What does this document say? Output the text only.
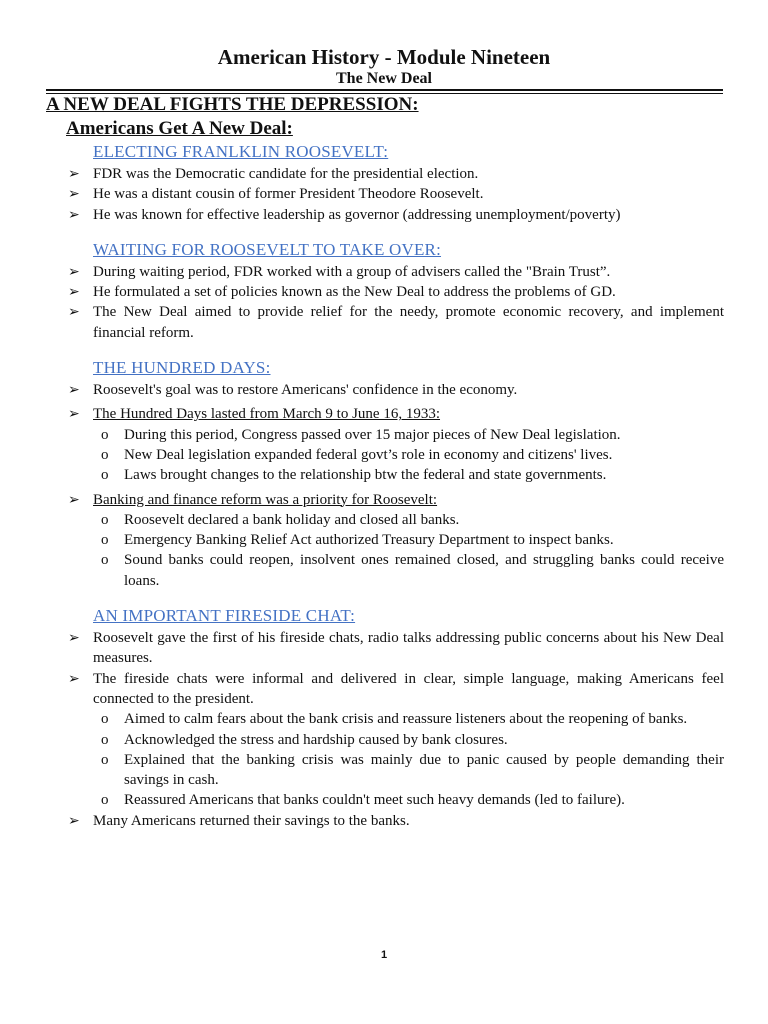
American History - Module Nineteen
The New Deal
A NEW DEAL FIGHTS THE DEPRESSION:
Americans Get A New Deal:
ELECTING FRANLKLIN ROOSEVELT:
➢ FDR was the Democratic candidate for the presidential election.
➢ He was a distant cousin of former President Theodore Roosevelt.
➢ He was known for effective leadership as governor (addressing unemployment/poverty)
WAITING FOR ROOSEVELT TO TAKE OVER:
➢ During waiting period, FDR worked with a group of advisers called the "Brain Trust”.
➢ He formulated a set of policies known as the New Deal to address the problems of GD.
➢ The New Deal aimed to provide relief for the needy, promote economic recovery, and implement financial reform.
THE HUNDRED DAYS:
➢ Roosevelt's goal was to restore Americans' confidence in the economy.
➢ The Hundred Days lasted from March 9 to June 16, 1933:
o During this period, Congress passed over 15 major pieces of New Deal legislation.
o New Deal legislation expanded federal govt’s role in economy and citizens' lives.
o Laws brought changes to the relationship btw the federal and state governments.
➢ Banking and finance reform was a priority for Roosevelt:
o Roosevelt declared a bank holiday and closed all banks.
o Emergency Banking Relief Act authorized Treasury Department to inspect banks.
o Sound banks could reopen, insolvent ones remained closed, and struggling banks could receive loans.
AN IMPORTANT FIRESIDE CHAT:
➢ Roosevelt gave the first of his fireside chats, radio talks addressing public concerns about his New Deal measures.
➢ The fireside chats were informal and delivered in clear, simple language, making Americans feel connected to the president.
o Aimed to calm fears about the bank crisis and reassure listeners about the reopening of banks.
o Acknowledged the stress and hardship caused by bank closures.
o Explained that the banking crisis was mainly due to panic caused by people demanding their savings in cash.
o Reassured Americans that banks couldn't meet such heavy demands (led to failure).
➢ Many Americans returned their savings to the banks.
1
